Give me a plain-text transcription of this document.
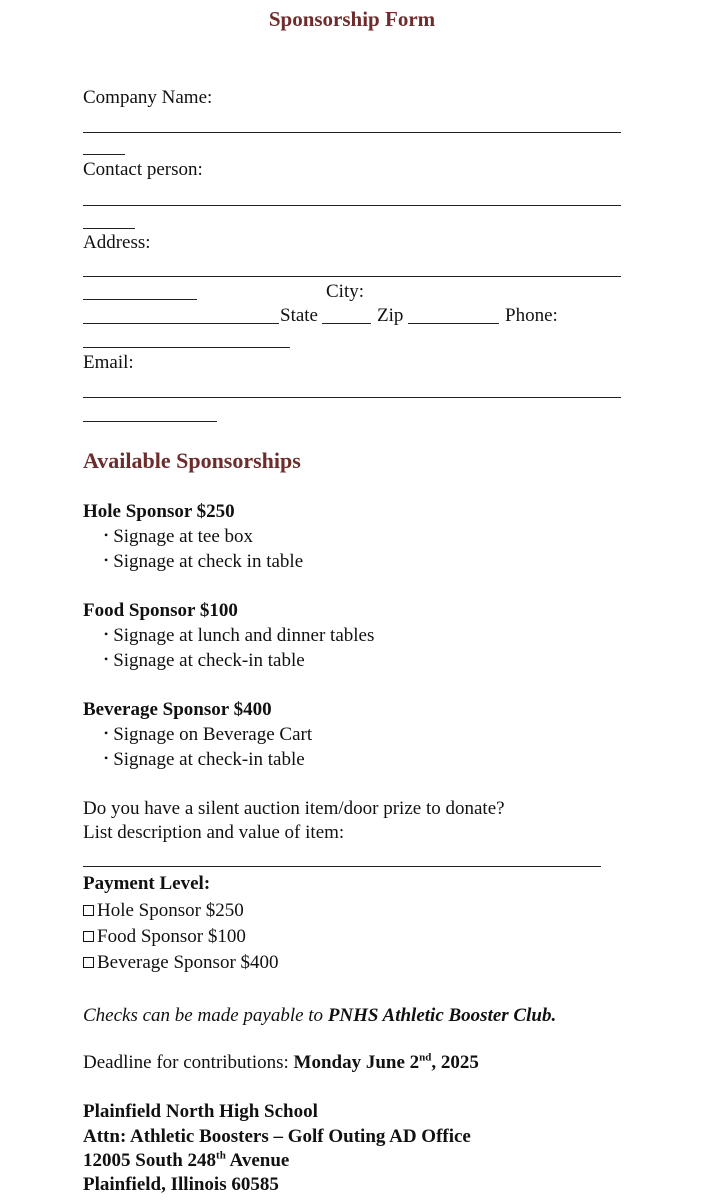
Sponsorship Form
Company Name:
Contact person:
Address:
City:
State	Zip	Phone:
Email:
Available Sponsorships
Hole Sponsor $250
• Signage at tee box
• Signage at check in table
Food Sponsor $100
• Signage at lunch and dinner tables
• Signage at check-in table
Beverage Sponsor $400
• Signage on Beverage Cart
• Signage at check-in table
Do you have a silent auction item/door prize to donate?
List description and value of item:
Payment Level:
Hole Sponsor $250
Food Sponsor $100
Beverage Sponsor $400
Checks can be made payable to PNHS Athletic Booster Club.
Deadline for contributions: Monday June 2nd, 2025
Plainfield North High School
Attn: Athletic Boosters – Golf Outing AD Office
12005 South 248th Avenue
Plainfield, Illinois 60585
